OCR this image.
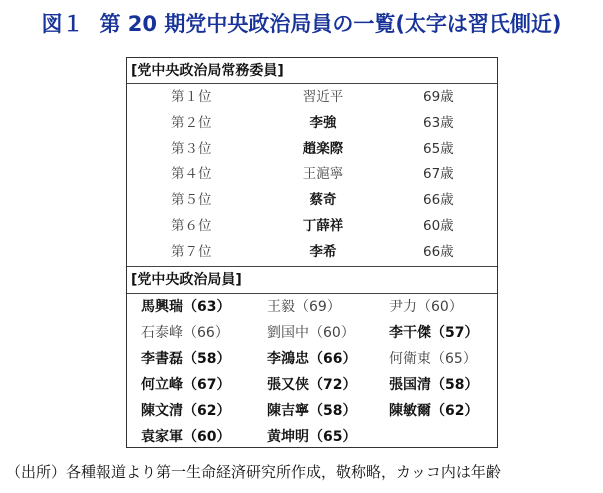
図１ 第 20 期党中央政治局員の一覧(太字は習氏側近)
[党中央政治局常務委員]
第１位	習近平	69歳
第２位	李強	63歳
第３位	趙楽際	65歳
第４位	王滬寧	67歳
第５位	蔡奇	66歳
第６位	丁薛祥	60歳
第７位	李希	66歳
[党中央政治局員]
馬興瑞（63）	王毅（69）	尹力（60）
石泰峰（66）	劉国中（60） 李干傑（57）
李書磊（58）	李鴻忠（66） 何衛東（65）
何立峰（67）	張又侠（72） 張国清（58）
陳文清（62）	陳吉寧（58） 陳敏爾（62）
袁家軍（60）	黄坤明（65）
（出所）各種報道より第一生命経済研究所作成，敬称略，カッコ内は年齢
